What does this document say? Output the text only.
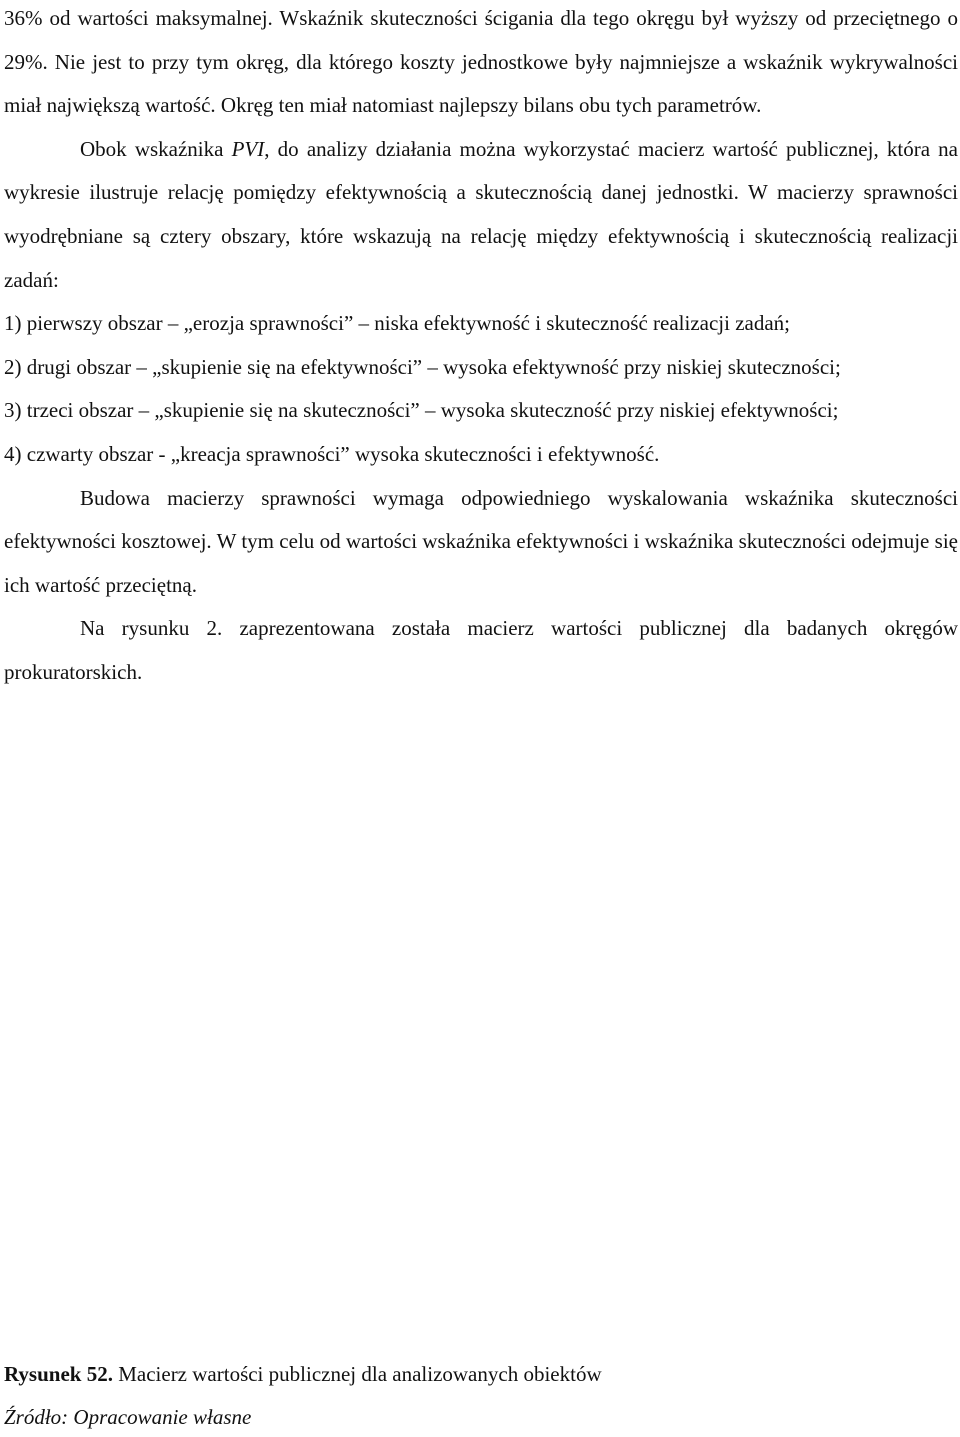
36% od wartości maksymalnej. Wskaźnik skuteczności ścigania dla tego okręgu był wyższy od przeciętnego o 29%. Nie jest to przy tym okręg, dla którego koszty jednostkowe były najmniejsze a wskaźnik wykrywalności miał największą wartość. Okręg ten miał natomiast najlepszy bilans obu tych parametrów.

Obok wskaźnika PVI, do analizy działania można wykorzystać macierz wartość publicznej, która na wykresie ilustruje relację pomiędzy efektywnością a skutecznością danej jednostki. W macierzy sprawności wyodrębniane są cztery obszary, które wskazują na relację między efektywnością i skutecznością realizacji zadań:

1) pierwszy obszar – „erozja sprawności” – niska efektywność i skuteczność realizacji zadań;

2) drugi obszar – „skupienie się na efektywności” – wysoka efektywność przy niskiej skuteczności;

3) trzeci obszar – „skupienie się na skuteczności” – wysoka skuteczność przy niskiej efektywności;

4) czwarty obszar - „kreacja sprawności” wysoka skuteczności i efektywność.

Budowa macierzy sprawności wymaga odpowiedniego wyskalowania wskaźnika skuteczności efektywności kosztowej. W tym celu od wartości wskaźnika efektywności i wskaźnika skuteczności odejmuje się ich wartość przeciętną.

Na rysunku 2. zaprezentowana została macierz wartości publicznej dla badanych okręgów prokuratorskich.

Rysunek 52. Macierz wartości publicznej dla analizowanych obiektów

Źródło: Opracowanie własne
